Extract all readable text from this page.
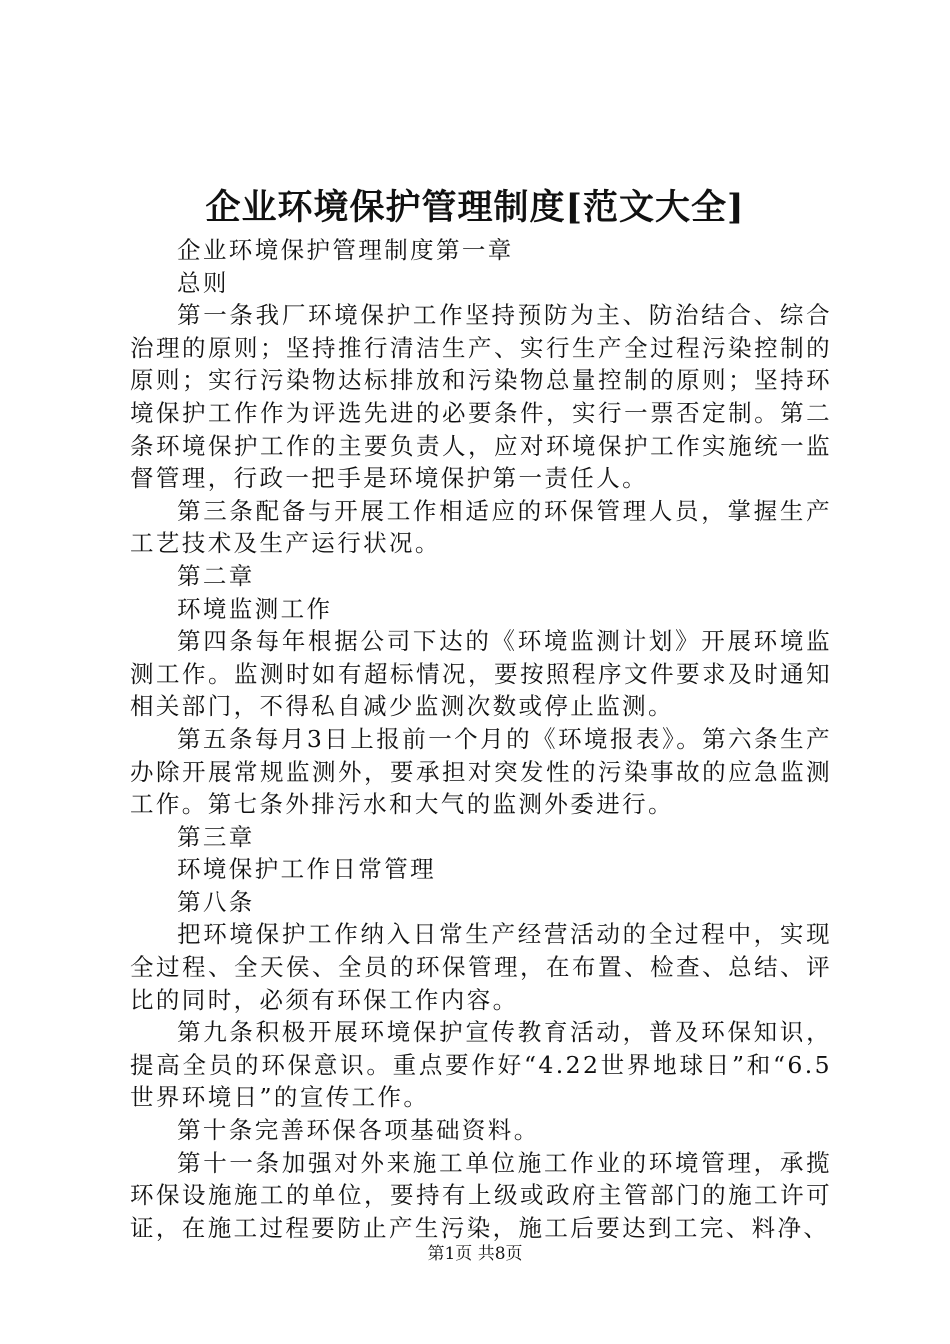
企业环境保护管理制度[范文大全]

企业环境保护管理制度第一章

总则

第一条我厂环境保护工作坚持预防为主、防治结合、综合治理的原则；坚持推行清洁生产、实行生产全过程污染控制的原则；实行污染物达标排放和污染物总量控制的原则；坚持环境保护工作作为评选先进的必要条件，实行一票否定制。第二条环境保护工作的主要负责人，应对环境保护工作实施统一监督管理，行政一把手是环境保护第一责任人。

第三条配备与开展工作相适应的环保管理人员，掌握生产工艺技术及生产运行状况。

第二章

环境监测工作

第四条每年根据公司下达的《环境监测计划》开展环境监测工作。监测时如有超标情况，要按照程序文件要求及时通知相关部门，不得私自减少监测次数或停止监测。

第五条每月3日上报前一个月的《环境报表》。第六条生产办除开展常规监测外，要承担对突发性的污染事故的应急监测工作。第七条外排污水和大气的监测外委进行。

第三章

环境保护工作日常管理

第八条

把环境保护工作纳入日常生产经营活动的全过程中，实现全过程、全天侯、全员的环保管理，在布置、检查、总结、评比的同时，必须有环保工作内容。

第九条积极开展环境保护宣传教育活动，普及环保知识，提高全员的环保意识。重点要作好“4.22世界地球日”和“6.5世界环境日”的宣传工作。

第十条完善环保各项基础资料。

第十一条加强对外来施工单位施工作业的环境管理，承揽环保设施施工的单位，要持有上级或政府主管部门的施工许可证，在施工过程要防止产生污染，施工后要达到工完、料净、

第1页 共8页
